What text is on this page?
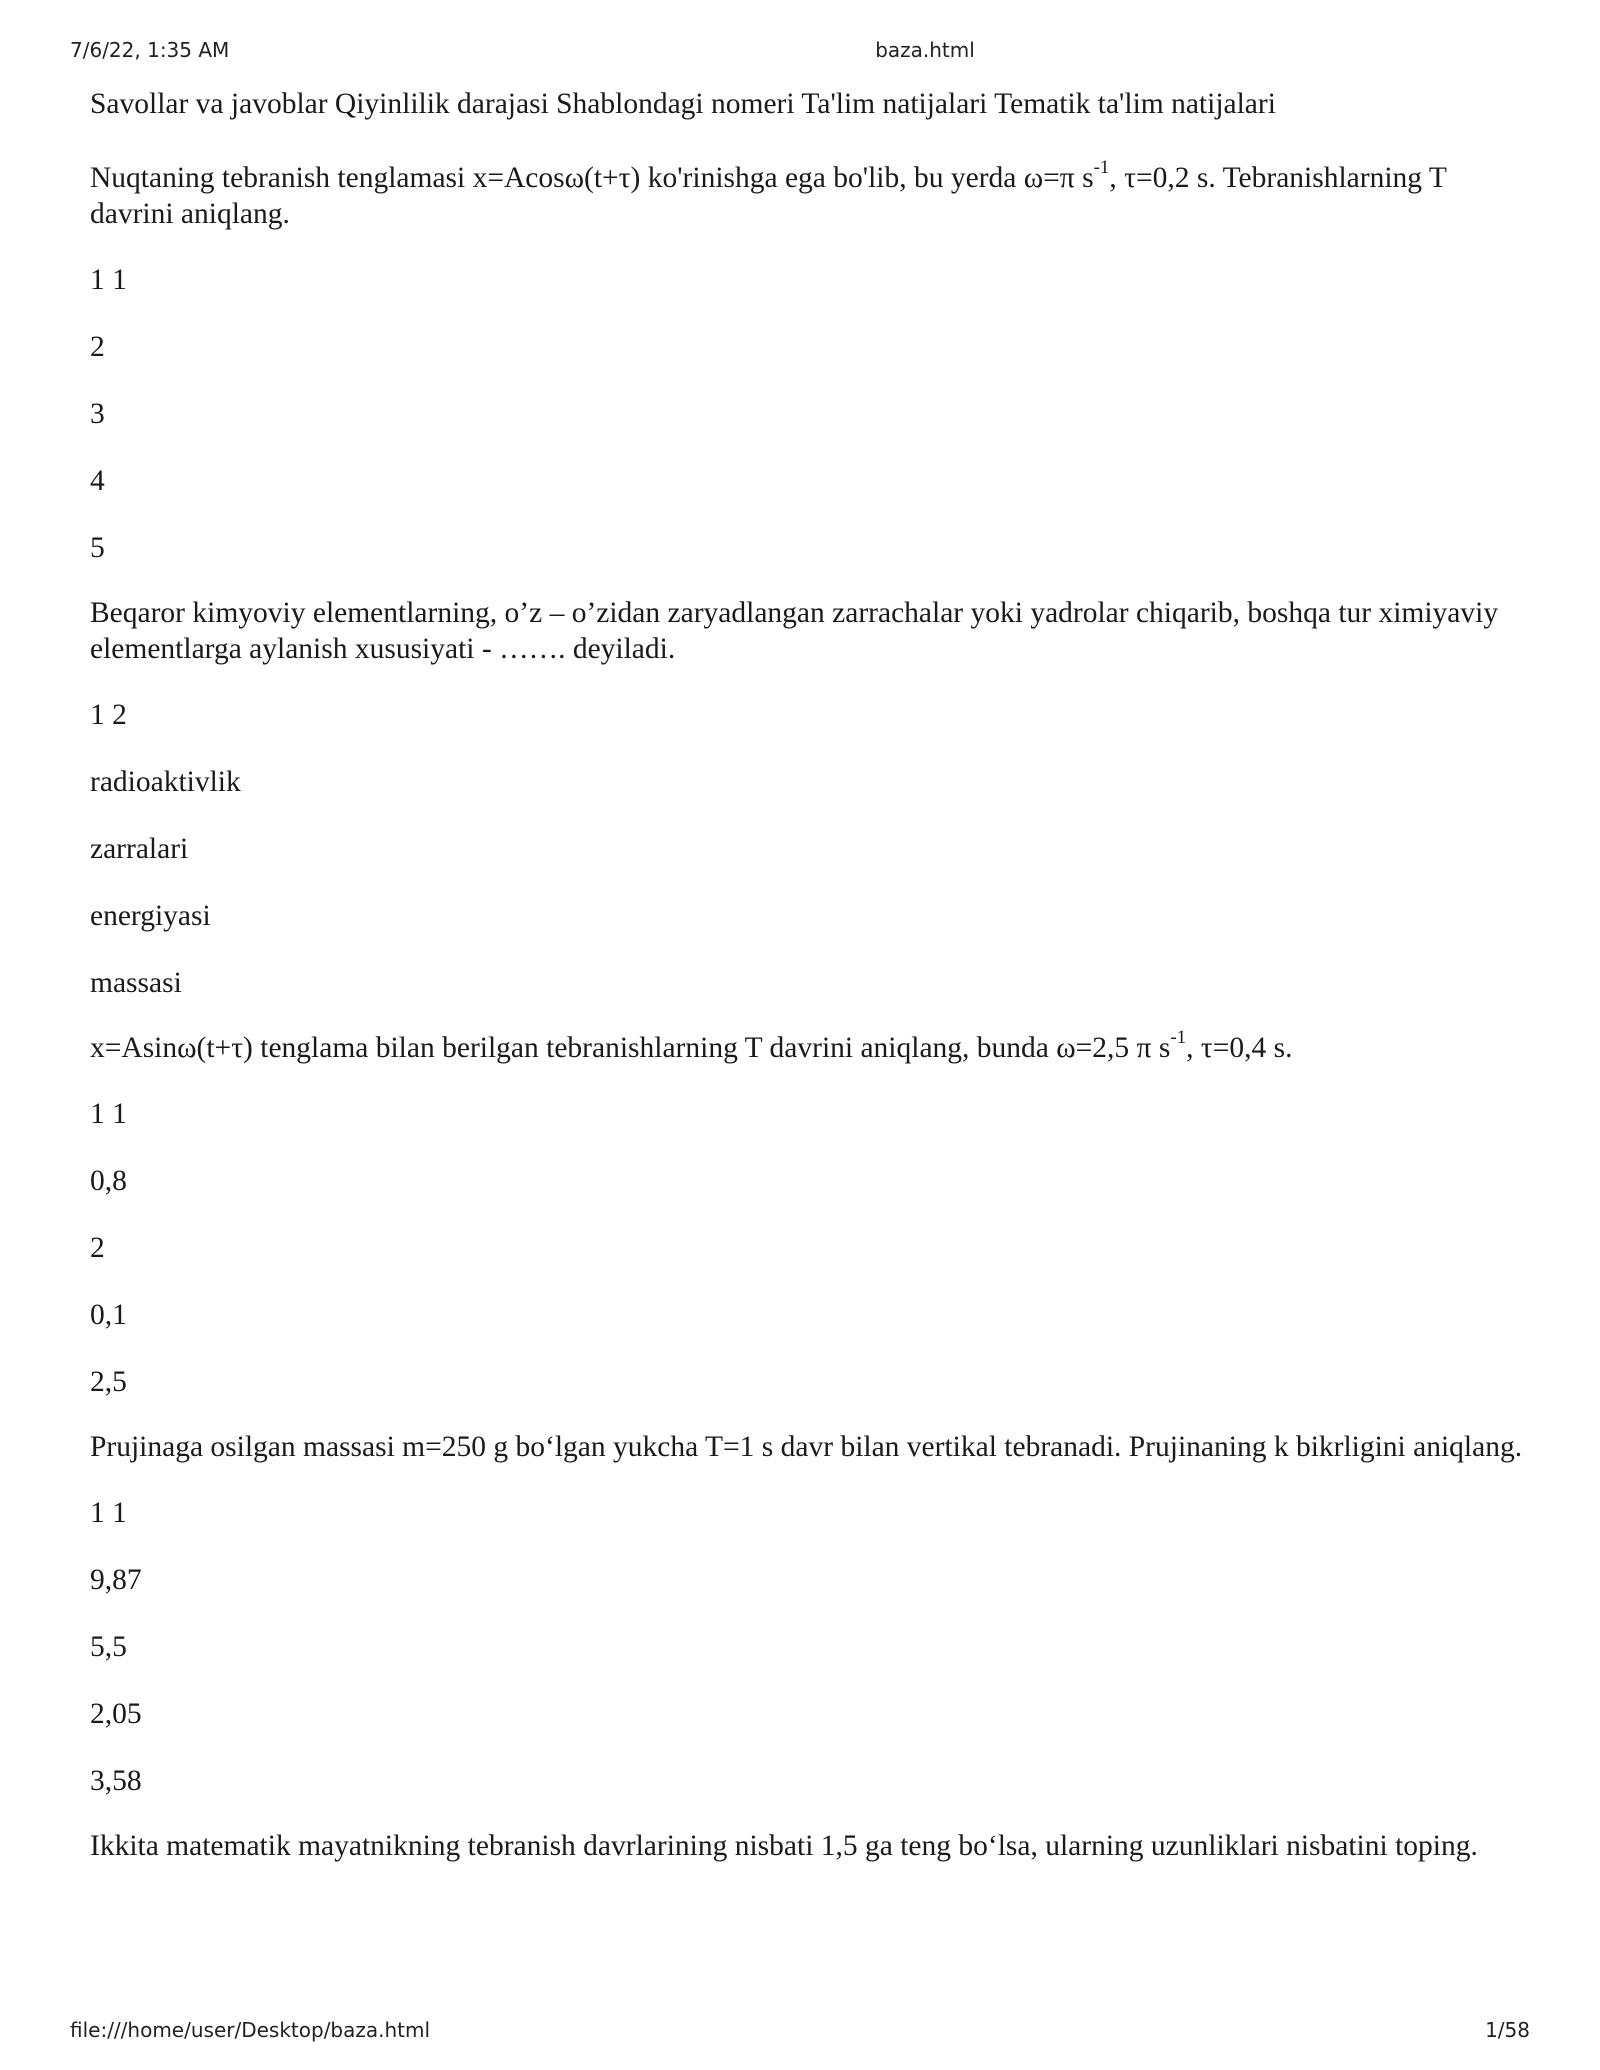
7/6/22, 1:35 AM	baza.html

Savollar va javoblar Qiyinlilik darajasi Shablondagi nomeri Ta'lim natijalari Tematik ta'lim natijalari

Nuqtaning tebranish tenglamasi x=Acosω(t+τ) ko'rinishga ega bo'lib, bu yerda ω=π $s^{-1}$, τ=0,2 s. Tebranishlarning T davrini aniqlang.

1 1

2

3

4

5

Beqaror kimyoviy elementlarning, o’z – o’zidan zaryadlangan zarrachalar yoki yadrolar chiqarib, boshqa tur ximiyaviy elementlarga aylanish xususiyati - ……. deyiladi.

1 2

radioaktivlik

zarralari

energiyasi

massasi

x=Asinω(t+τ) tenglama bilan berilgan tebranishlarning T davrini aniqlang, bunda ω=2,5 π $s^{-1}$, τ=0,4 s.

1 1

0,8

2

0,1

2,5

Prujinaga osilgan massasi m=250 g bo‘lgan yukcha T=1 s davr bilan vertikal tebranadi. Prujinaning k bikrligini aniqlang.

1 1

9,87

5,5

2,05

3,58

Ikkita matematik mayatnikning tebranish davrlarining nisbati 1,5 ga teng bo‘lsa, ularning uzunliklari nisbatini toping.

file:///home/user/Desktop/baza.html	1/58
